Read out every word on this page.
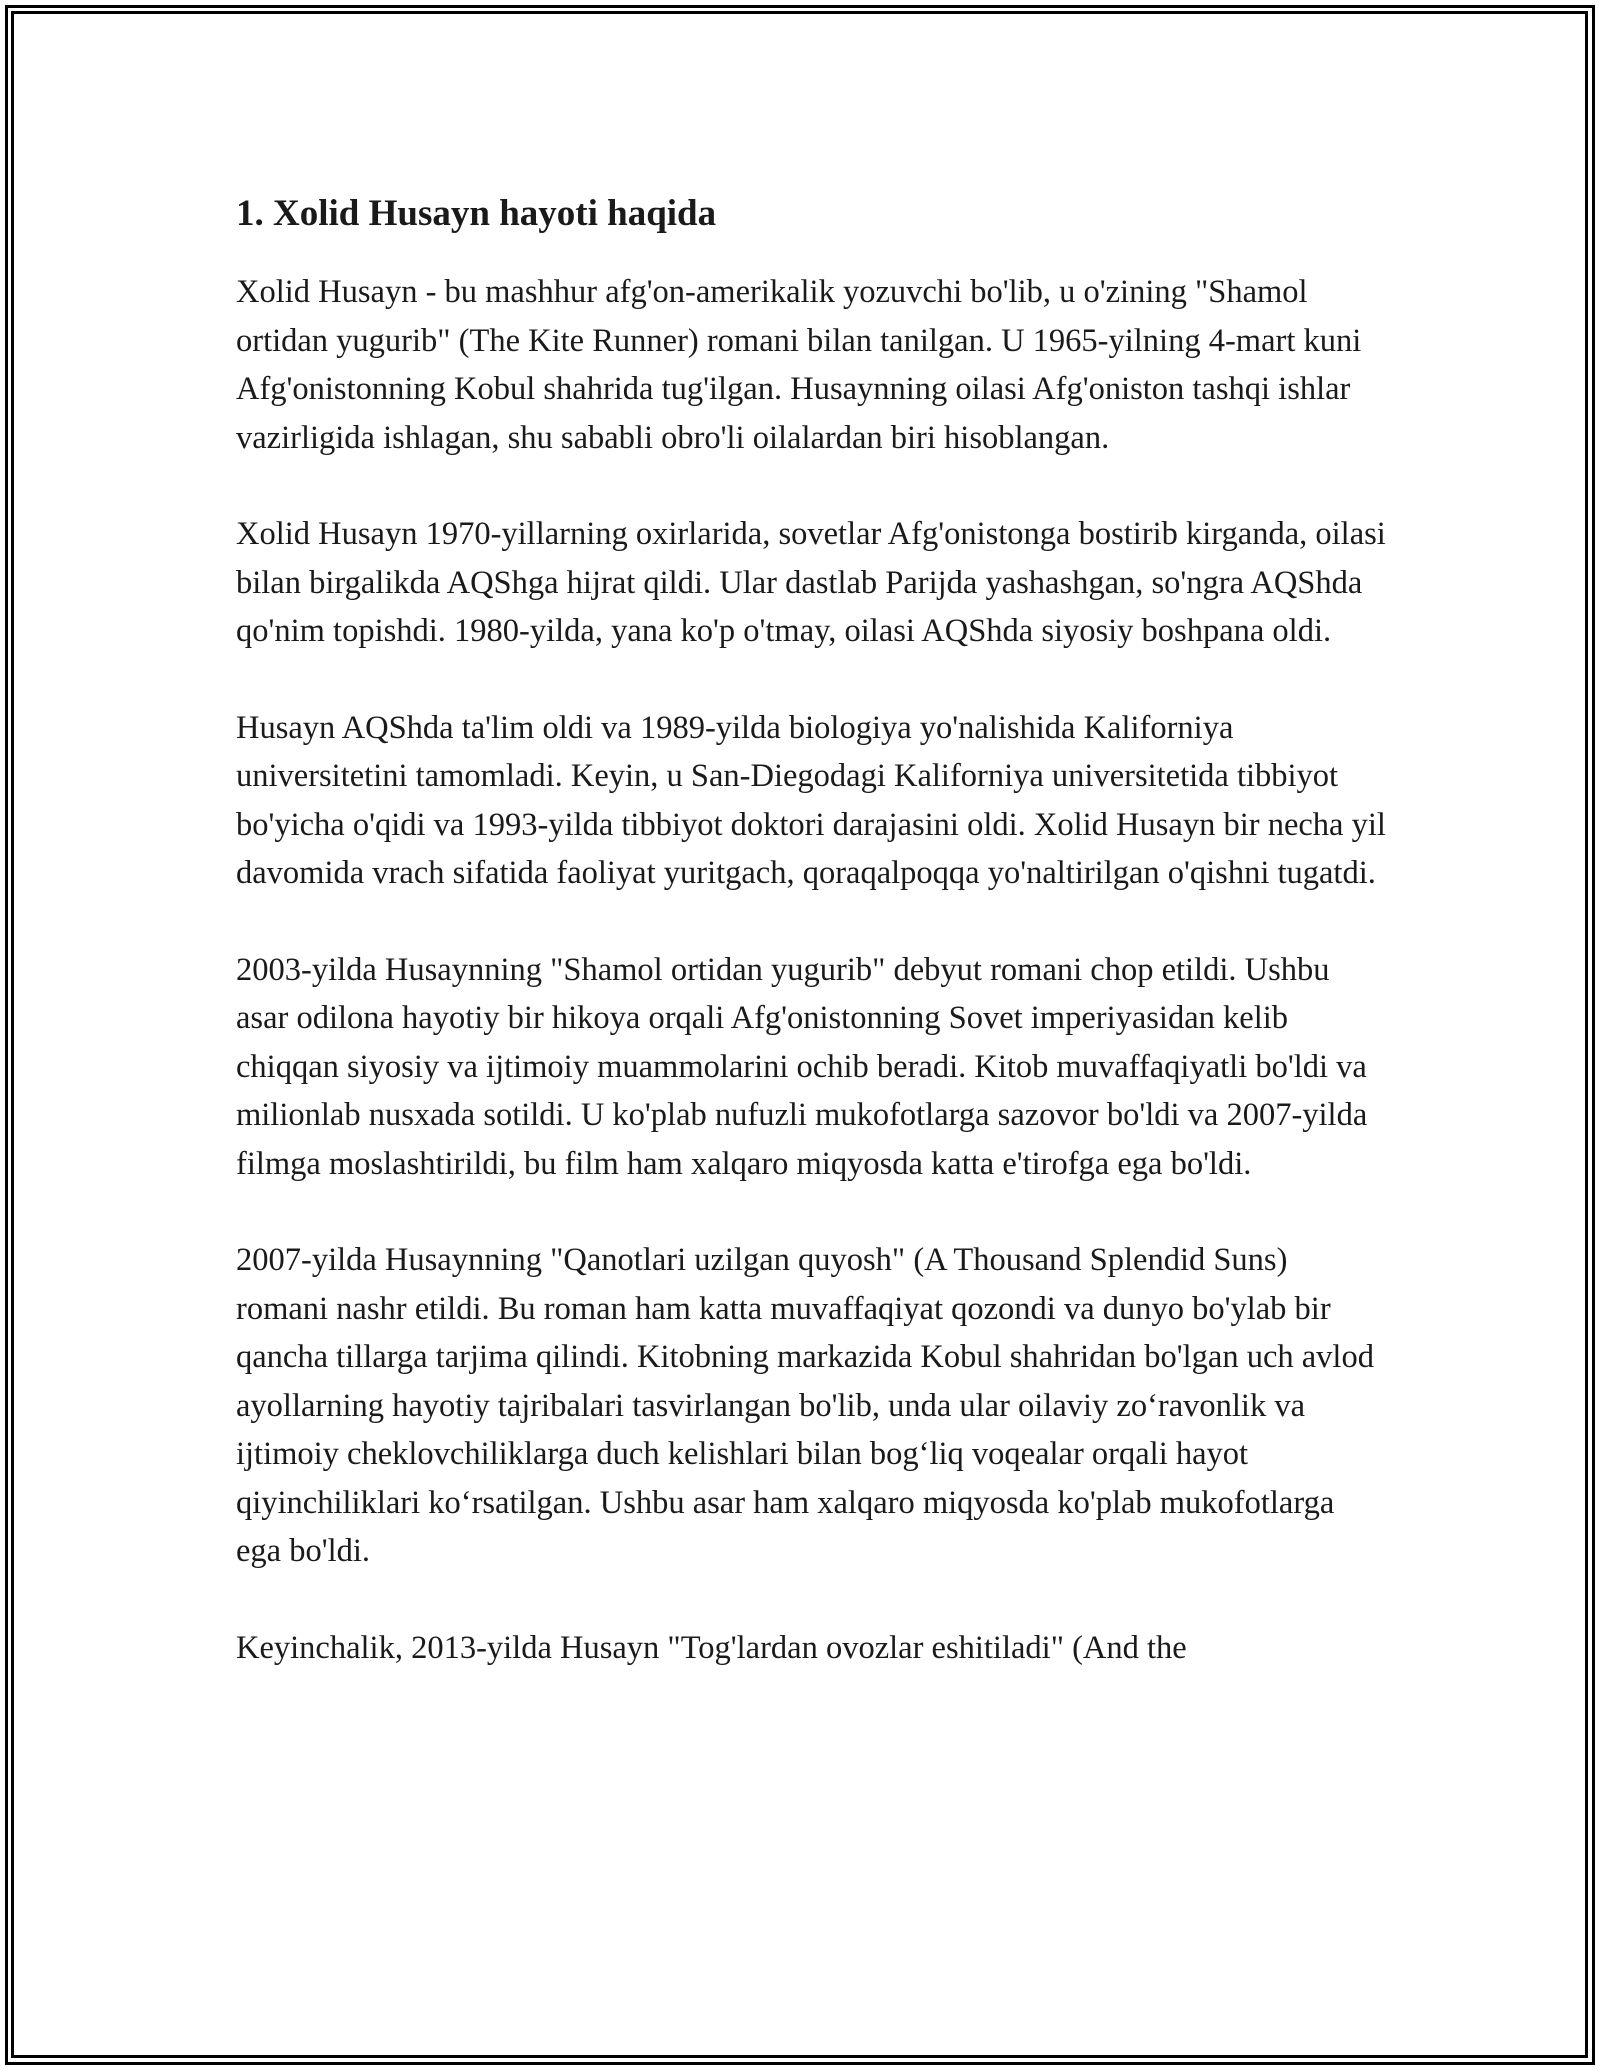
1. Xolid Husayn hayoti haqida

Xolid Husayn - bu mashhur afg'on-amerikalik yozuvchi bo'lib, u o'zining "Shamol ortidan yugurib" (The Kite Runner) romani bilan tanilgan. U 1965-yilning 4-mart kuni Afg'onistonning Kobul shahrida tug'ilgan. Husaynning oilasi Afg'oniston tashqi ishlar vazirligida ishlagan, shu sababli obro'li oilalardan biri hisoblangan.

Xolid Husayn 1970-yillarning oxirlarida, sovetlar Afg'onistonga bostirib kirganda, oilasi bilan birgalikda AQShga hijrat qildi. Ular dastlab Parijda yashashgan, so'ngra AQShda qo'nim topishdi. 1980-yilda, yana ko'p o'tmay, oilasi AQShda siyosiy boshpana oldi.

Husayn AQShda ta'lim oldi va 1989-yilda biologiya yo'nalishida Kaliforniya universitetini tamomladi. Keyin, u San-Diegodagi Kaliforniya universitetida tibbiyot bo'yicha o'qidi va 1993-yilda tibbiyot doktori darajasini oldi. Xolid Husayn bir necha yil davomida vrach sifatida faoliyat yuritgach, qoraqalpoqqa yo'naltirilgan o'qishni tugatdi.

2003-yilda Husaynning "Shamol ortidan yugurib" debyut romani chop etildi. Ushbu asar odilona hayotiy bir hikoya orqali Afg'onistonning Sovet imperiyasidan kelib chiqqan siyosiy va ijtimoiy muammolarini ochib beradi. Kitob muvaffaqiyatli bo'ldi va milionlab nusxada sotildi. U ko'plab nufuzli mukofotlarga sazovor bo'ldi va 2007-yilda filmga moslashtirildi, bu film ham xalqaro miqyosda katta e'tirofga ega bo'ldi.

2007-yilda Husaynning "Qanotlari uzilgan quyosh" (A Thousand Splendid Suns) romani nashr etildi. Bu roman ham katta muvaffaqiyat qozondi va dunyo bo'ylab bir qancha tillarga tarjima qilindi. Kitobning markazida Kobul shahridan bo'lgan uch avlod ayollarning hayotiy tajribalari tasvirlangan bo'lib, unda ular oilaviy zo‘ravonlik va ijtimoiy cheklovchiliklarga duch kelishlari bilan bog‘liq voqealar orqali hayot qiyinchiliklari ko‘rsatilgan. Ushbu asar ham xalqaro miqyosda ko'plab mukofotlarga ega bo'ldi.

Keyinchalik, 2013-yilda Husayn "Tog'lardan ovozlar eshitiladi" (And the
